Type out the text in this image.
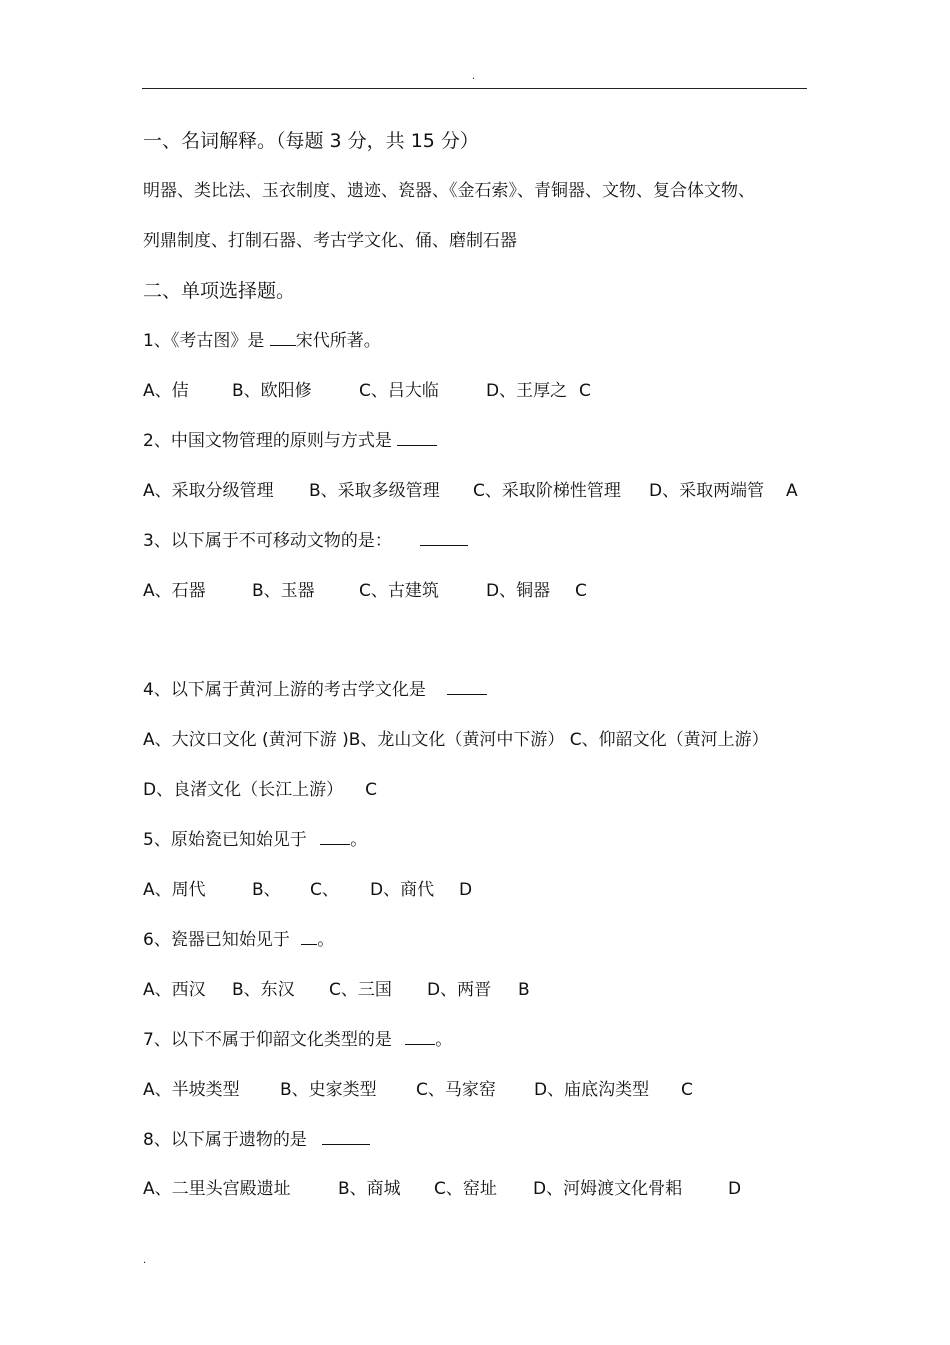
.
一、名词解释。（每题 3 分，共 15 分）
明器、类比法、玉衣制度、遗迹、瓷器、《金石索》、青铜器、文物、复合体文物、
列鼎制度、打制石器、考古学文化、俑、磨制石器
二、单项选择题。
1、《考古图》是 宋代所著。
A、佶	B、欧阳修	C、吕大临	D、王厚之 C
2、中国文物管理的原则与方式是
A、采取分级管理 B、采取多级管理 C、采取阶梯性管理 D、采取两端管 A
3、以下属于不可移动文物的是：
A、石器	B、玉器	C、古建筑	D、铜器 C
4、以下属于黄河上游的考古学文化是
A、大汶口文化 (黄河下游 )B、龙山文化（黄河中下游） C、仰韶文化（黄河上游）
D、良渚文化（长江上游） C
5、原始瓷已知始见于 。
A、周代	B、 C、 D、商代 D
6、瓷器已知始见于 。
A、西汉 B、东汉 C、三国 D、两晋 B
7、以下不属于仰韶文化类型的是 。
A、半坡类型 B、史家类型 C、马家窑 D、庙底沟类型 C
8、以下属于遗物的是
A、二里头宫殿遗址	B、商城 C、窑址 D、河姆渡文化骨耜	D
.
